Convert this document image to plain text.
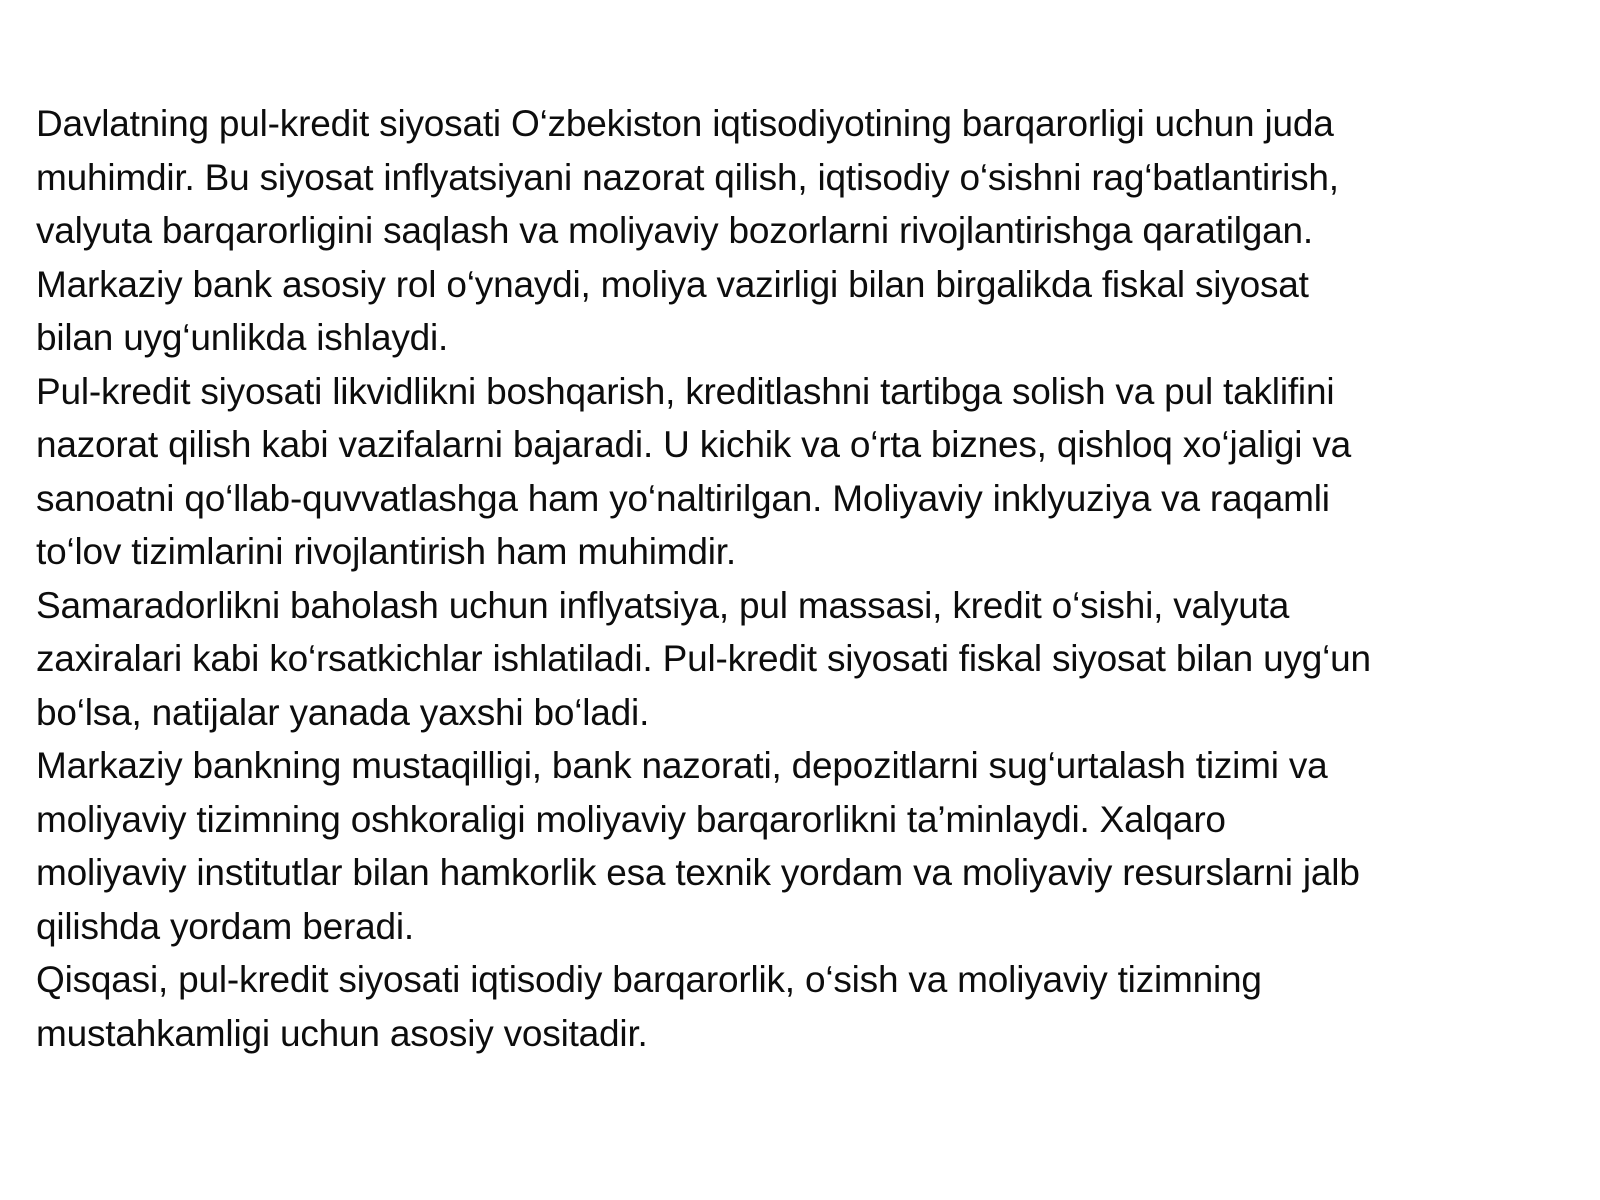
Davlatning pul-kredit siyosati O‘zbekiston iqtisodiyotining barqarorligi uchun juda
muhimdir. Bu siyosat inflyatsiyani nazorat qilish, iqtisodiy o‘sishni rag‘batlantirish,
valyuta barqarorligini saqlash va moliyaviy bozorlarni rivojlantirishga qaratilgan.
Markaziy bank asosiy rol o‘ynaydi, moliya vazirligi bilan birgalikda fiskal siyosat
bilan uyg‘unlikda ishlaydi.
Pul-kredit siyosati likvidlikni boshqarish, kreditlashni tartibga solish va pul taklifini
nazorat qilish kabi vazifalarni bajaradi. U kichik va o‘rta biznes, qishloq xo‘jaligi va
sanoatni qo‘llab-quvvatlashga ham yo‘naltirilgan. Moliyaviy inklyuziya va raqamli
to‘lov tizimlarini rivojlantirish ham muhimdir.
Samaradorlikni baholash uchun inflyatsiya, pul massasi, kredit o‘sishi, valyuta
zaxiralari kabi ko‘rsatkichlar ishlatiladi. Pul-kredit siyosati fiskal siyosat bilan uyg‘un
bo‘lsa, natijalar yanada yaxshi bo‘ladi.
Markaziy bankning mustaqilligi, bank nazorati, depozitlarni sug‘urtalash tizimi va
moliyaviy tizimning oshkoraligi moliyaviy barqarorlikni ta’minlaydi. Xalqaro
moliyaviy institutlar bilan hamkorlik esa texnik yordam va moliyaviy resurslarni jalb
qilishda yordam beradi.
Qisqasi, pul-kredit siyosati iqtisodiy barqarorlik, o‘sish va moliyaviy tizimning
mustahkamligi uchun asosiy vositadir.
